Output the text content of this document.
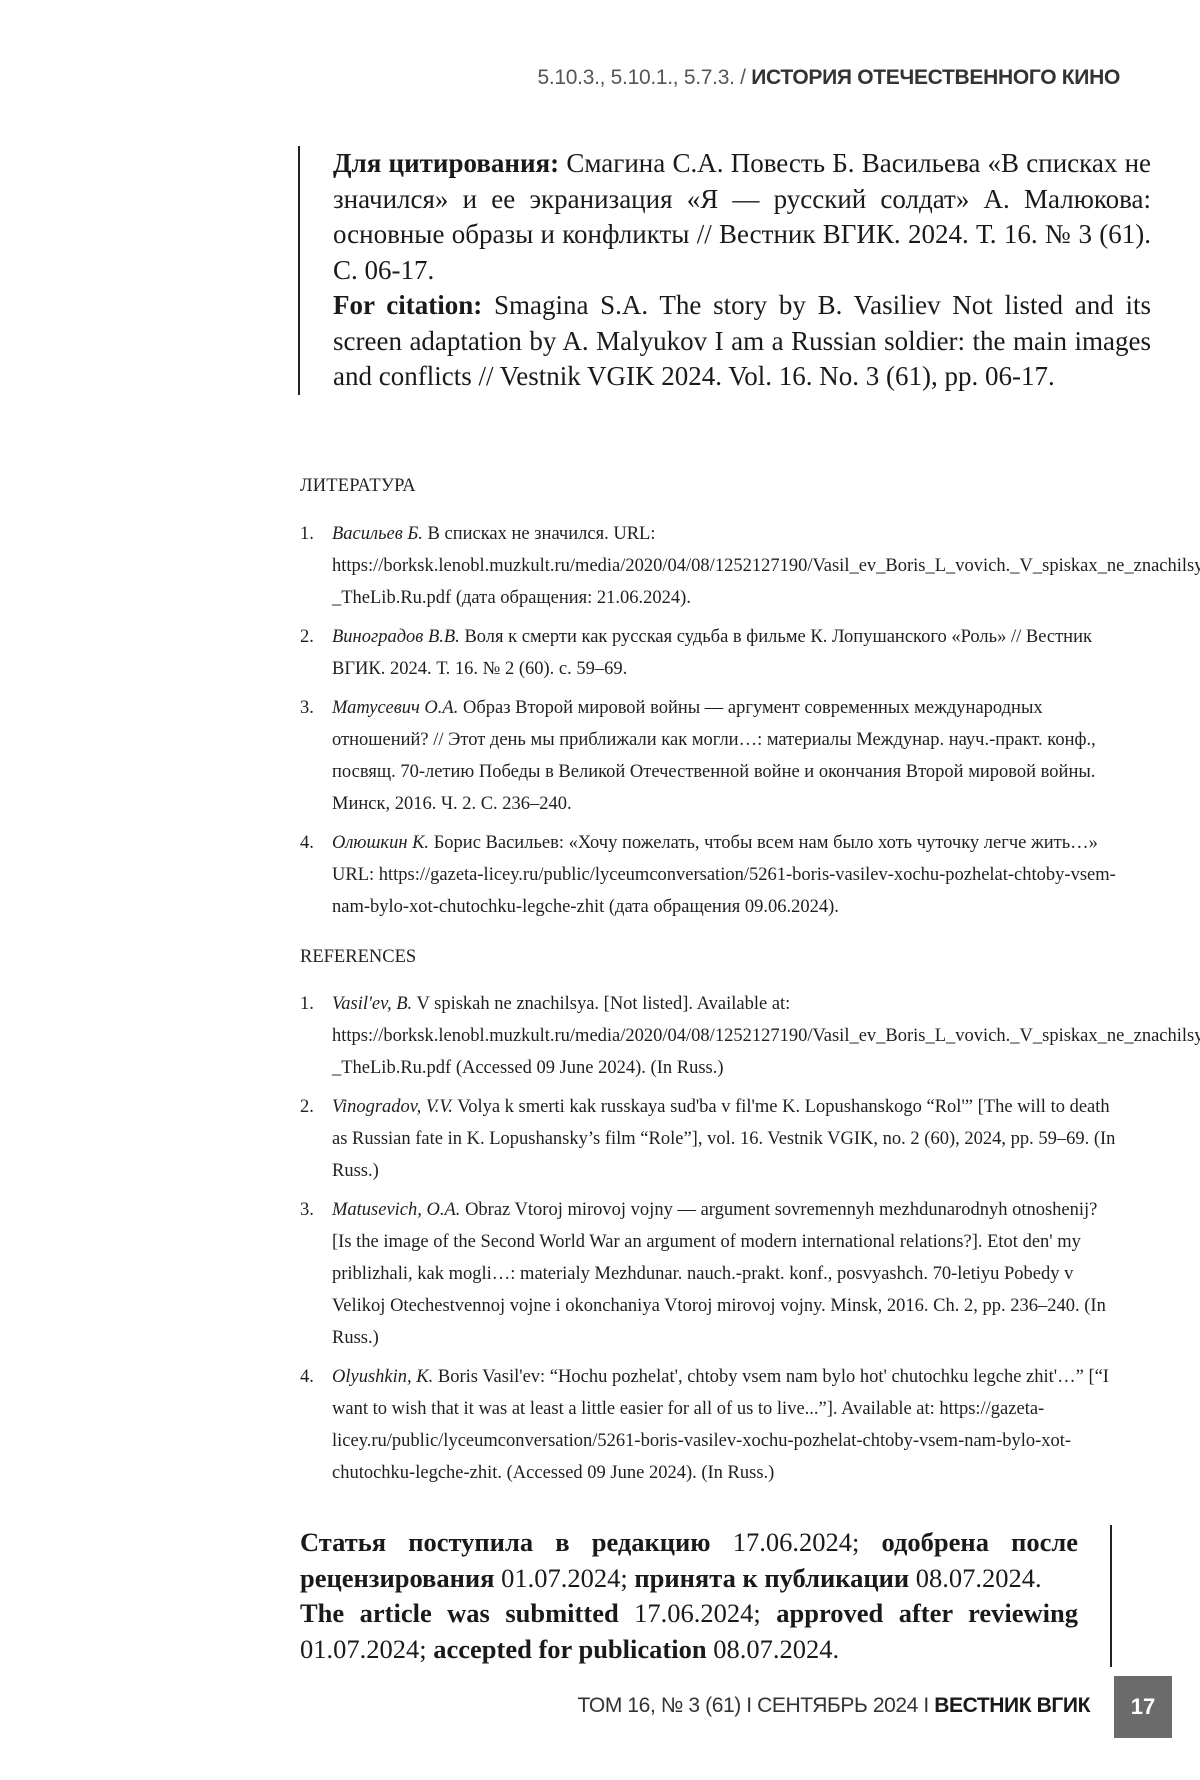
5.10.3., 5.10.1., 5.7.3. / ИСТОРИЯ ОТЕЧЕСТВЕННОГО КИНО

Для цитирования: Смагина С.А. Повесть Б. Васильева «В списках не значился» и ее экранизация «Я — русский солдат» А. Малюкова: основные образы и конфликты // Вестник ВГИК. 2024. Т. 16. № 3 (61). С. 06-17.

For citation: Smagina S.A. The story by B. Vasiliev Not listed and its screen adaptation by A. Malyukov I am a Russian soldier: the main images and conflicts // Vestnik VGIK 2024. Vol. 16. No. 3 (61), pp. 06-17.

ЛИТЕРАТУРА
1. Васильев Б. В списках не значился. URL: https://borksk.lenobl.muzkult.ru/media/2020/04/08/1252127190/Vasil_ev_Boris_L_vovich._V_spiskax_ne_znachilsya_-_TheLib.Ru.pdf (дата обращения: 21.06.2024).
2. Виноградов В.В. Воля к смерти как русская судьба в фильме К. Лопушанского «Роль» // Вестник ВГИК. 2024. Т. 16. № 2 (60). с. 59–69.
3. Матусевич О.А. Образ Второй мировой войны — аргумент современных международных отношений? // Этот день мы приближали как могли…: материалы Междунар. науч.-практ. конф., посвящ. 70-летию Победы в Великой Отечественной войне и окончания Второй мировой войны. Минск, 2016. Ч. 2. С. 236–240.
4. Олюшкин К. Борис Васильев: «Хочу пожелать, чтобы всем нам было хоть чуточку легче жить…» URL: https://gazeta-licey.ru/public/lyceumconversation/5261-boris-vasilev-xochu-pozhelat-chtoby-vsem-nam-bylo-xot-chutochku-legche-zhit (дата обращения 09.06.2024).
REFERENCES
1. Vasil'ev, B. V spiskah ne znachilsya. [Not listed]. Available at: https://borksk.lenobl.muzkult.ru/media/2020/04/08/1252127190/Vasil_ev_Boris_L_vovich._V_spiskax_ne_znachilsya_-_TheLib.Ru.pdf (Accessed 09 June 2024). (In Russ.)
2. Vinogradov, V.V. Volya k smerti kak russkaya sud'ba v fil'me K. Lopushanskogo “Rol'” [The will to death as Russian fate in K. Lopushansky’s film “Role”], vol. 16. Vestnik VGIK, no. 2 (60), 2024, pp. 59–69. (In Russ.)
3. Matusevich, O.A. Obraz Vtoroj mirovoj vojny — argument sovremennyh mezhdunarodnyh otnoshenij? [Is the image of the Second World War an argument of modern international relations?]. Etot den' my priblizhali, kak mogli…: materialy Mezhdunar. nauch.-prakt. konf., posvyashch. 70-letiyu Pobedy v Velikoj Otechestvennoj vojne i okonchaniya Vtoroj mirovoj vojny. Minsk, 2016. Ch. 2, pp. 236–240. (In Russ.)
4. Olyushkin, K. Boris Vasil'ev: “Hochu pozhelat', chtoby vsem nam bylo hot' chutochku legche zhit'…” [“I want to wish that it was at least a little easier for all of us to live...”]. Available at: https://gazeta-licey.ru/public/lyceumconversation/5261-boris-vasilev-xochu-pozhelat-chtoby-vsem-nam-bylo-xot-chutochku-legche-zhit. (Accessed 09 June 2024). (In Russ.)

Статья поступила в редакцию 17.06.2024; одобрена после рецензирования 01.07.2024; принята к публикации 08.07.2024.

The article was submitted 17.06.2024; approved after reviewing 01.07.2024; accepted for publication 08.07.2024.

ТОМ 16, № 3 (61) I СЕНТЯБРЬ 2024 I ВЕСТНИК ВГИК	17
